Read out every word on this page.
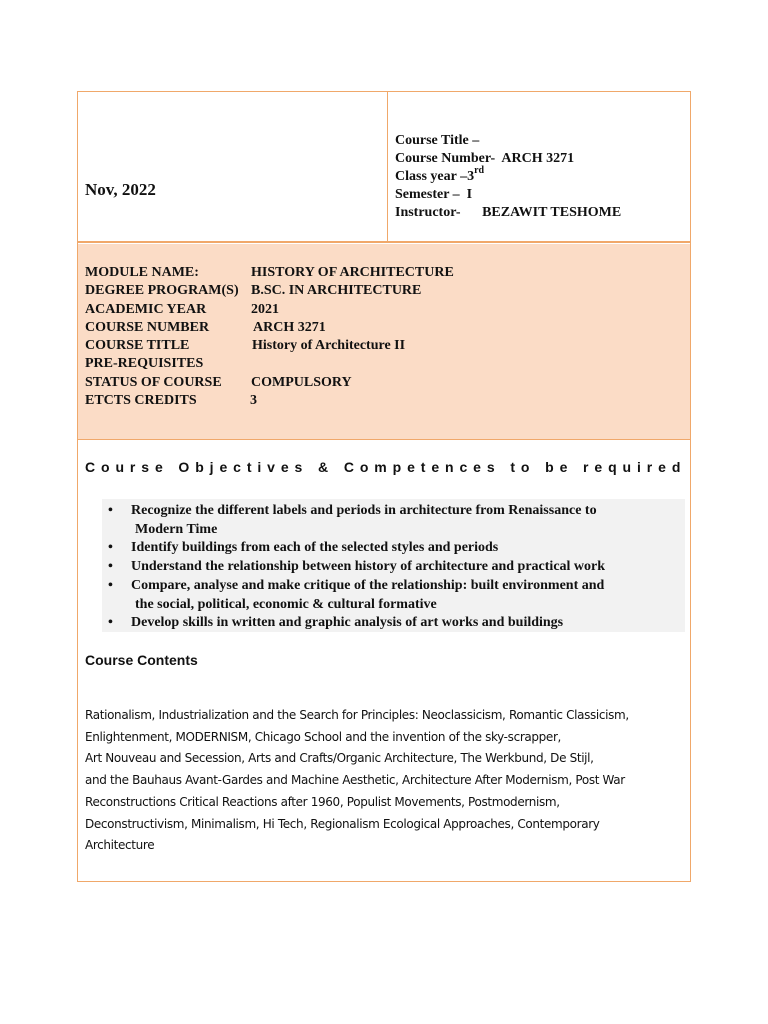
Nov, 2022
Course Title –
Course Number-  ARCH 3271
Class year –3rd
Semester –  I
Instructor- BEZAWIT TESHOME
MODULE NAME:	HISTORY OF ARCHITECTURE
DEGREE PROGRAM(S) B.SC. IN ARCHITECTURE
ACADEMIC YEAR	2021
COURSE NUMBER	ARCH 3271
COURSE TITLE	History of Architecture II
PRE-REQUISITES
STATUS OF COURSE COMPULSORY
ETCTS CREDITS	3
Course Objectives & Competences to be required
• Recognize the different labels and periods in architecture from Renaissance to
Modern Time
• Identify buildings from each of the selected styles and periods
• Understand the relationship between history of architecture and practical work
• Compare, analyse and make critique of the relationship: built environment and
the social, political, economic & cultural formative
• Develop skills in written and graphic analysis of art works and buildings
Course Contents
Rationalism, Industrialization and the Search for Principles: Neoclassicism, Romantic Classicism,
Enlightenment, MODERNISM, Chicago School and the invention of the sky-scrapper,
Art Nouveau and Secession, Arts and Crafts/Organic Architecture, The Werkbund, De Stijl,
and the Bauhaus Avant-Gardes and Machine Aesthetic, Architecture After Modernism, Post War
Reconstructions Critical Reactions after 1960, Populist Movements, Postmodernism,
Deconstructivism, Minimalism, Hi Tech, Regionalism Ecological Approaches, Contemporary
Architecture
